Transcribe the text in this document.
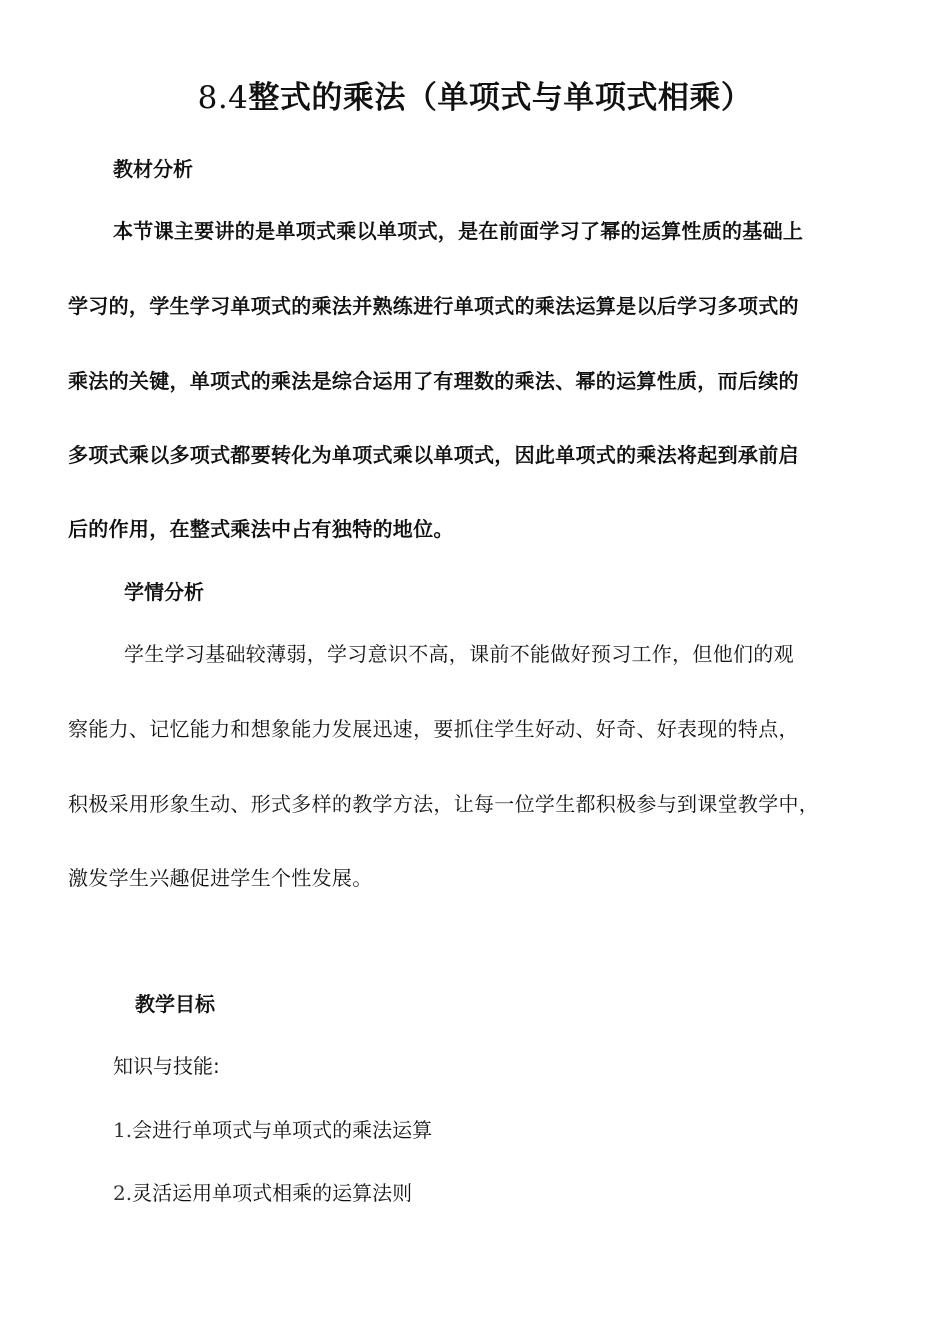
8.4整式的乘法（单项式与单项式相乘）
教材分析
本节课主要讲的是单项式乘以单项式，是在前面学习了幂的运算性质的基础上
学习的，学生学习单项式的乘法并熟练进行单项式的乘法运算是以后学习多项式的
乘法的关键，单项式的乘法是综合运用了有理数的乘法、幂的运算性质，而后续的
多项式乘以多项式都要转化为单项式乘以单项式，因此单项式的乘法将起到承前启
后的作用，在整式乘法中占有独特的地位。
学情分析
学生学习基础较薄弱，学习意识不高，课前不能做好预习工作，但他们的观
察能力、记忆能力和想象能力发展迅速，要抓住学生好动、好奇、好表现的特点，
积极采用形象生动、形式多样的教学方法，让每一位学生都积极参与到课堂教学中，
激发学生兴趣促进学生个性发展。
教学目标
知识与技能:
1.会进行单项式与单项式的乘法运算
2.灵活运用单项式相乘的运算法则
